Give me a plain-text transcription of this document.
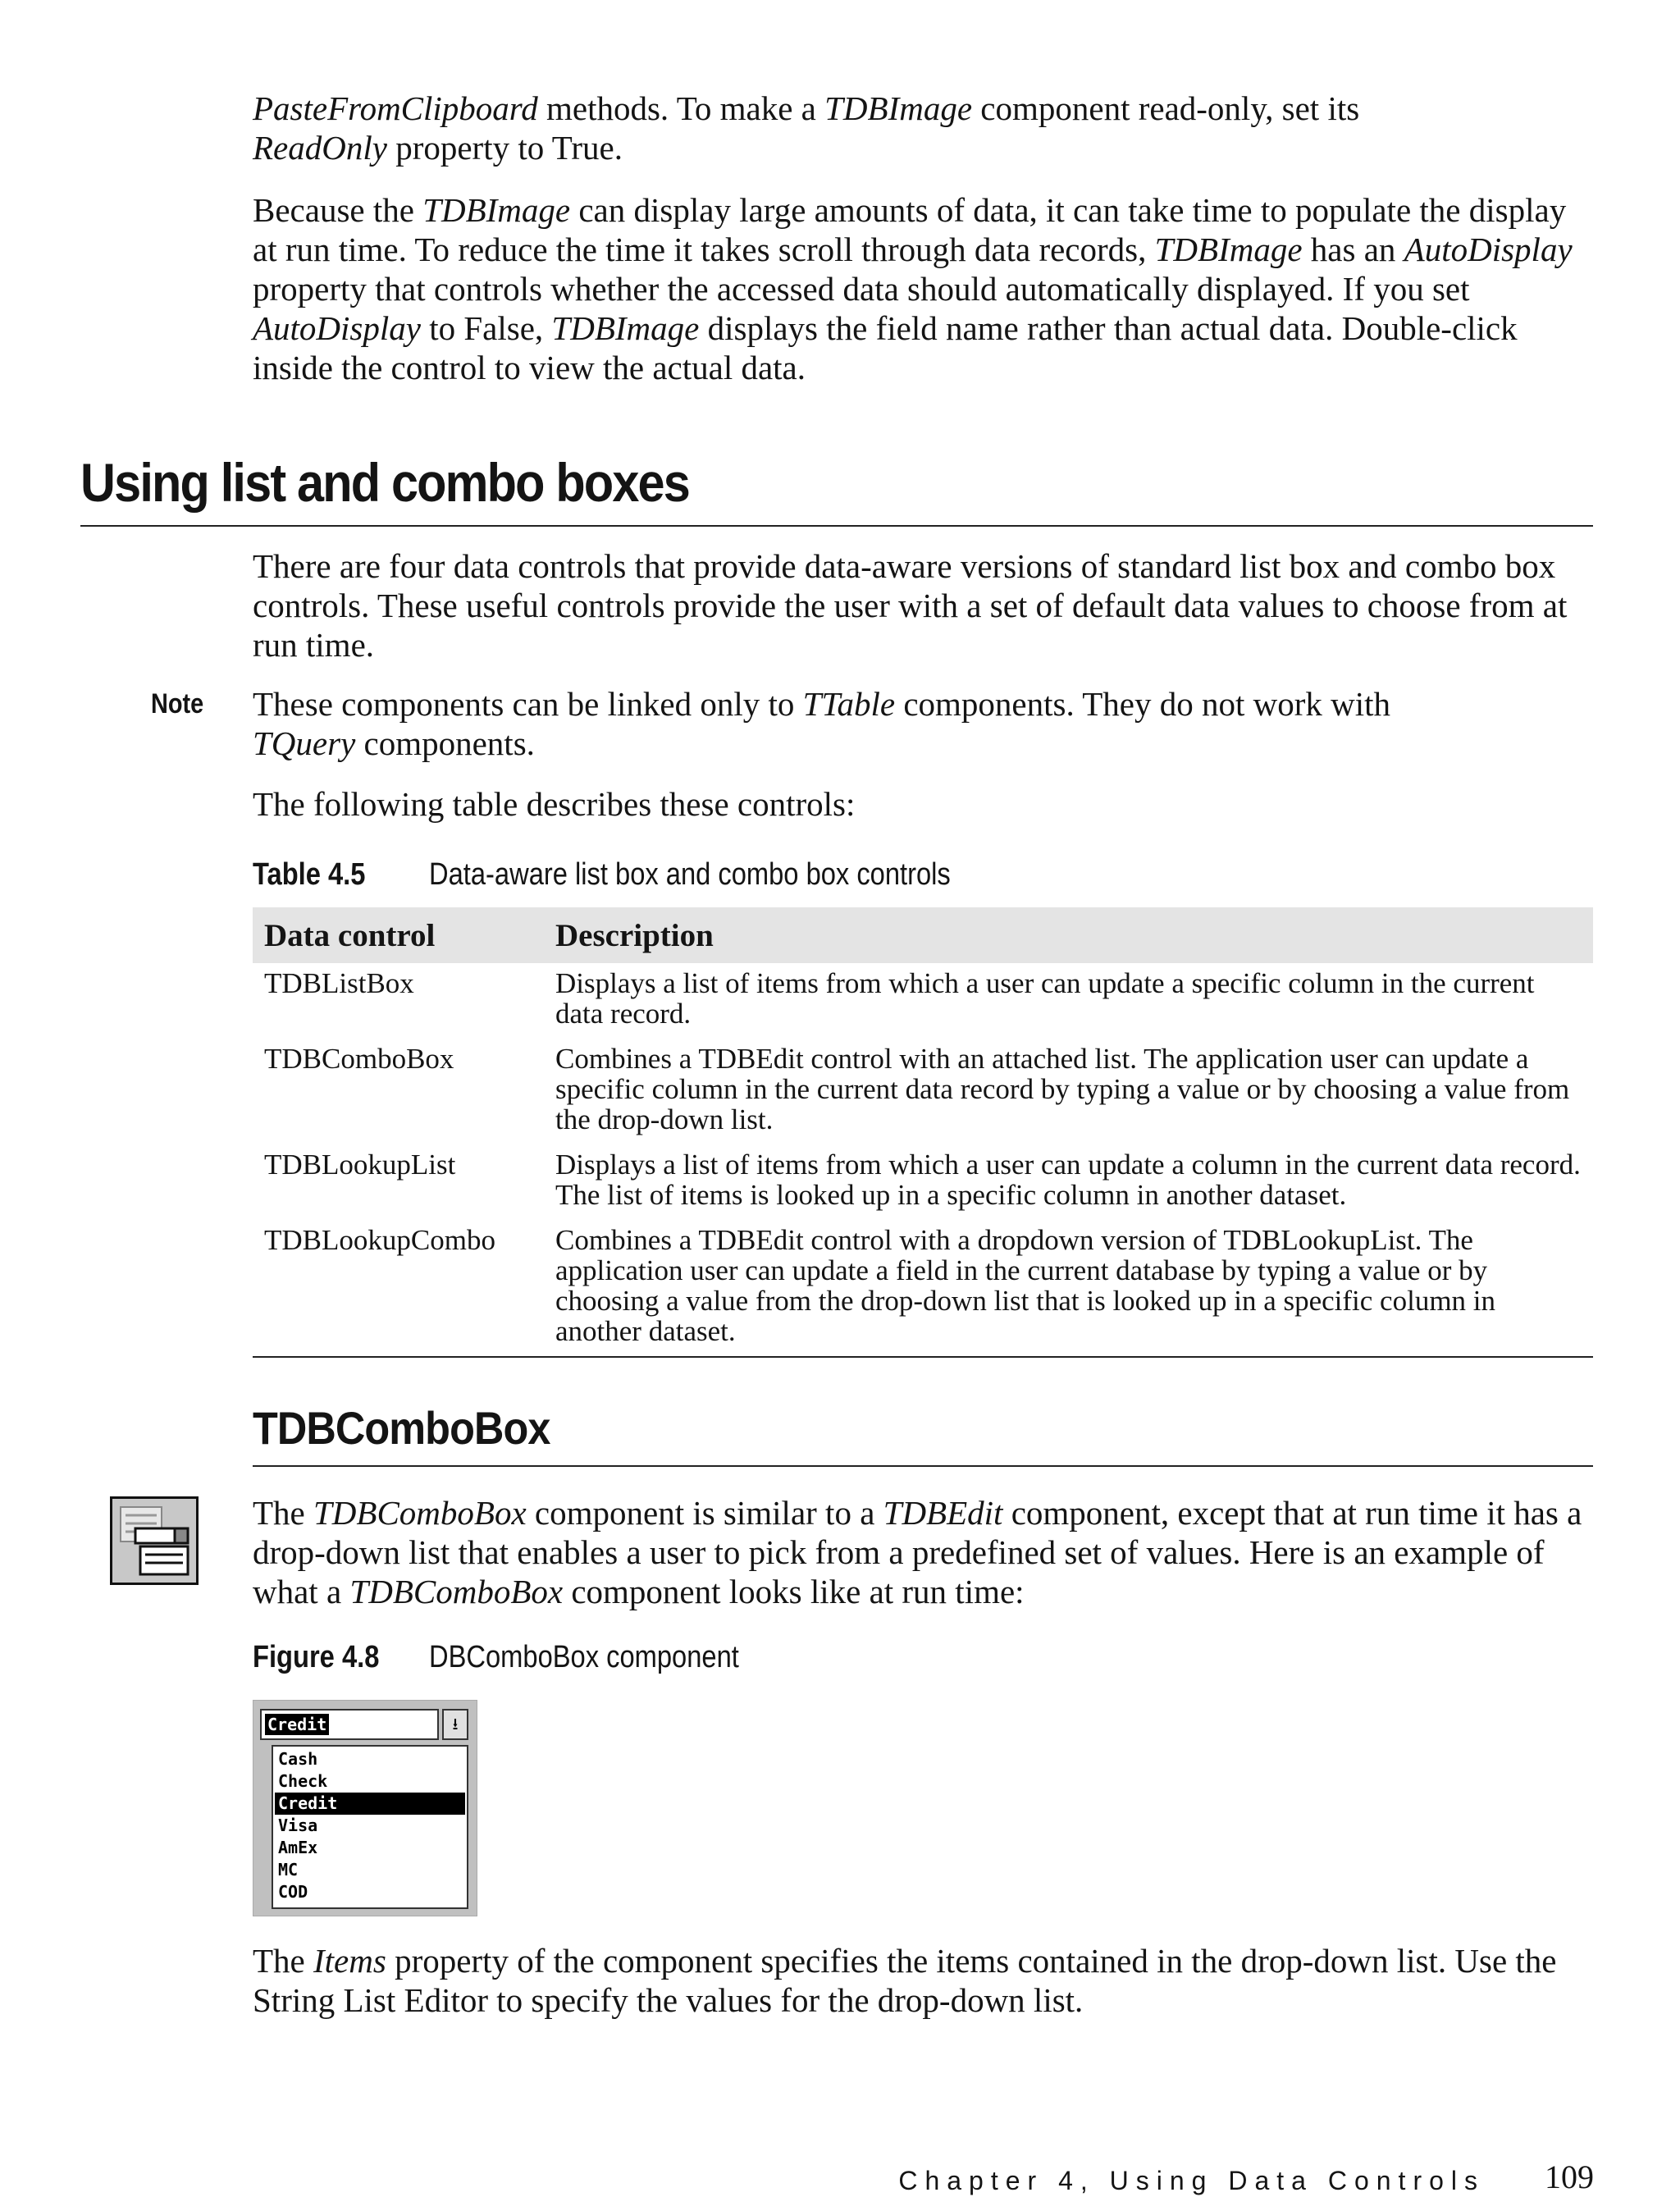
PasteFromClipboard methods. To make a TDBImage component read-only, set its
ReadOnly property to True.

Because the TDBImage can display large amounts of data, it can take time to populate the display at run time. To reduce the time it takes scroll through data records, TDBImage has an AutoDisplay property that controls whether the accessed data should automatically displayed. If you set AutoDisplay to False, TDBImage displays the field name rather than actual data. Double-click inside the control to view the actual data.

Using list and combo boxes

There are four data controls that provide data-aware versions of standard list box and combo box controls. These useful controls provide the user with a set of default data values to choose from at run time.

Note These components can be linked only to TTable components. They do not work with
TQuery components.

The following table describes these controls:

Table 4.5 Data-aware list box and combo box controls
Data control	Description
TDBListBox	Displays a list of items from which a user can update a specific column in the current data record.
TDBComboBox	Combines a TDBEdit control with an attached list. The application user can update a specific column in the current data record by typing a value or by choosing a value from the drop-down list.
TDBLookupList	Displays a list of items from which a user can update a column in the current data record. The list of items is looked up in a specific column in another dataset.
TDBLookupCombo	Combines a TDBEdit control with a dropdown version of TDBLookupList. The application user can update a field in the current database by typing a value or by choosing a value from the drop-down list that is looked up in a specific column in another dataset.
TDBComboBox

The TDBComboBox component is similar to a TDBEdit component, except that at run time it has a drop-down list that enables a user to pick from a predefined set of values. Here is an example of what a TDBComboBox component looks like at run time:

Figure 4.8 DBComboBox component
Credit	⭳
Cash
Check
Credit
Visa
AmEx
MC
COD

The Items property of the component specifies the items contained in the drop-down list. Use the String List Editor to specify the values for the drop-down list.

Chapter 4, Using Data Controls 109
